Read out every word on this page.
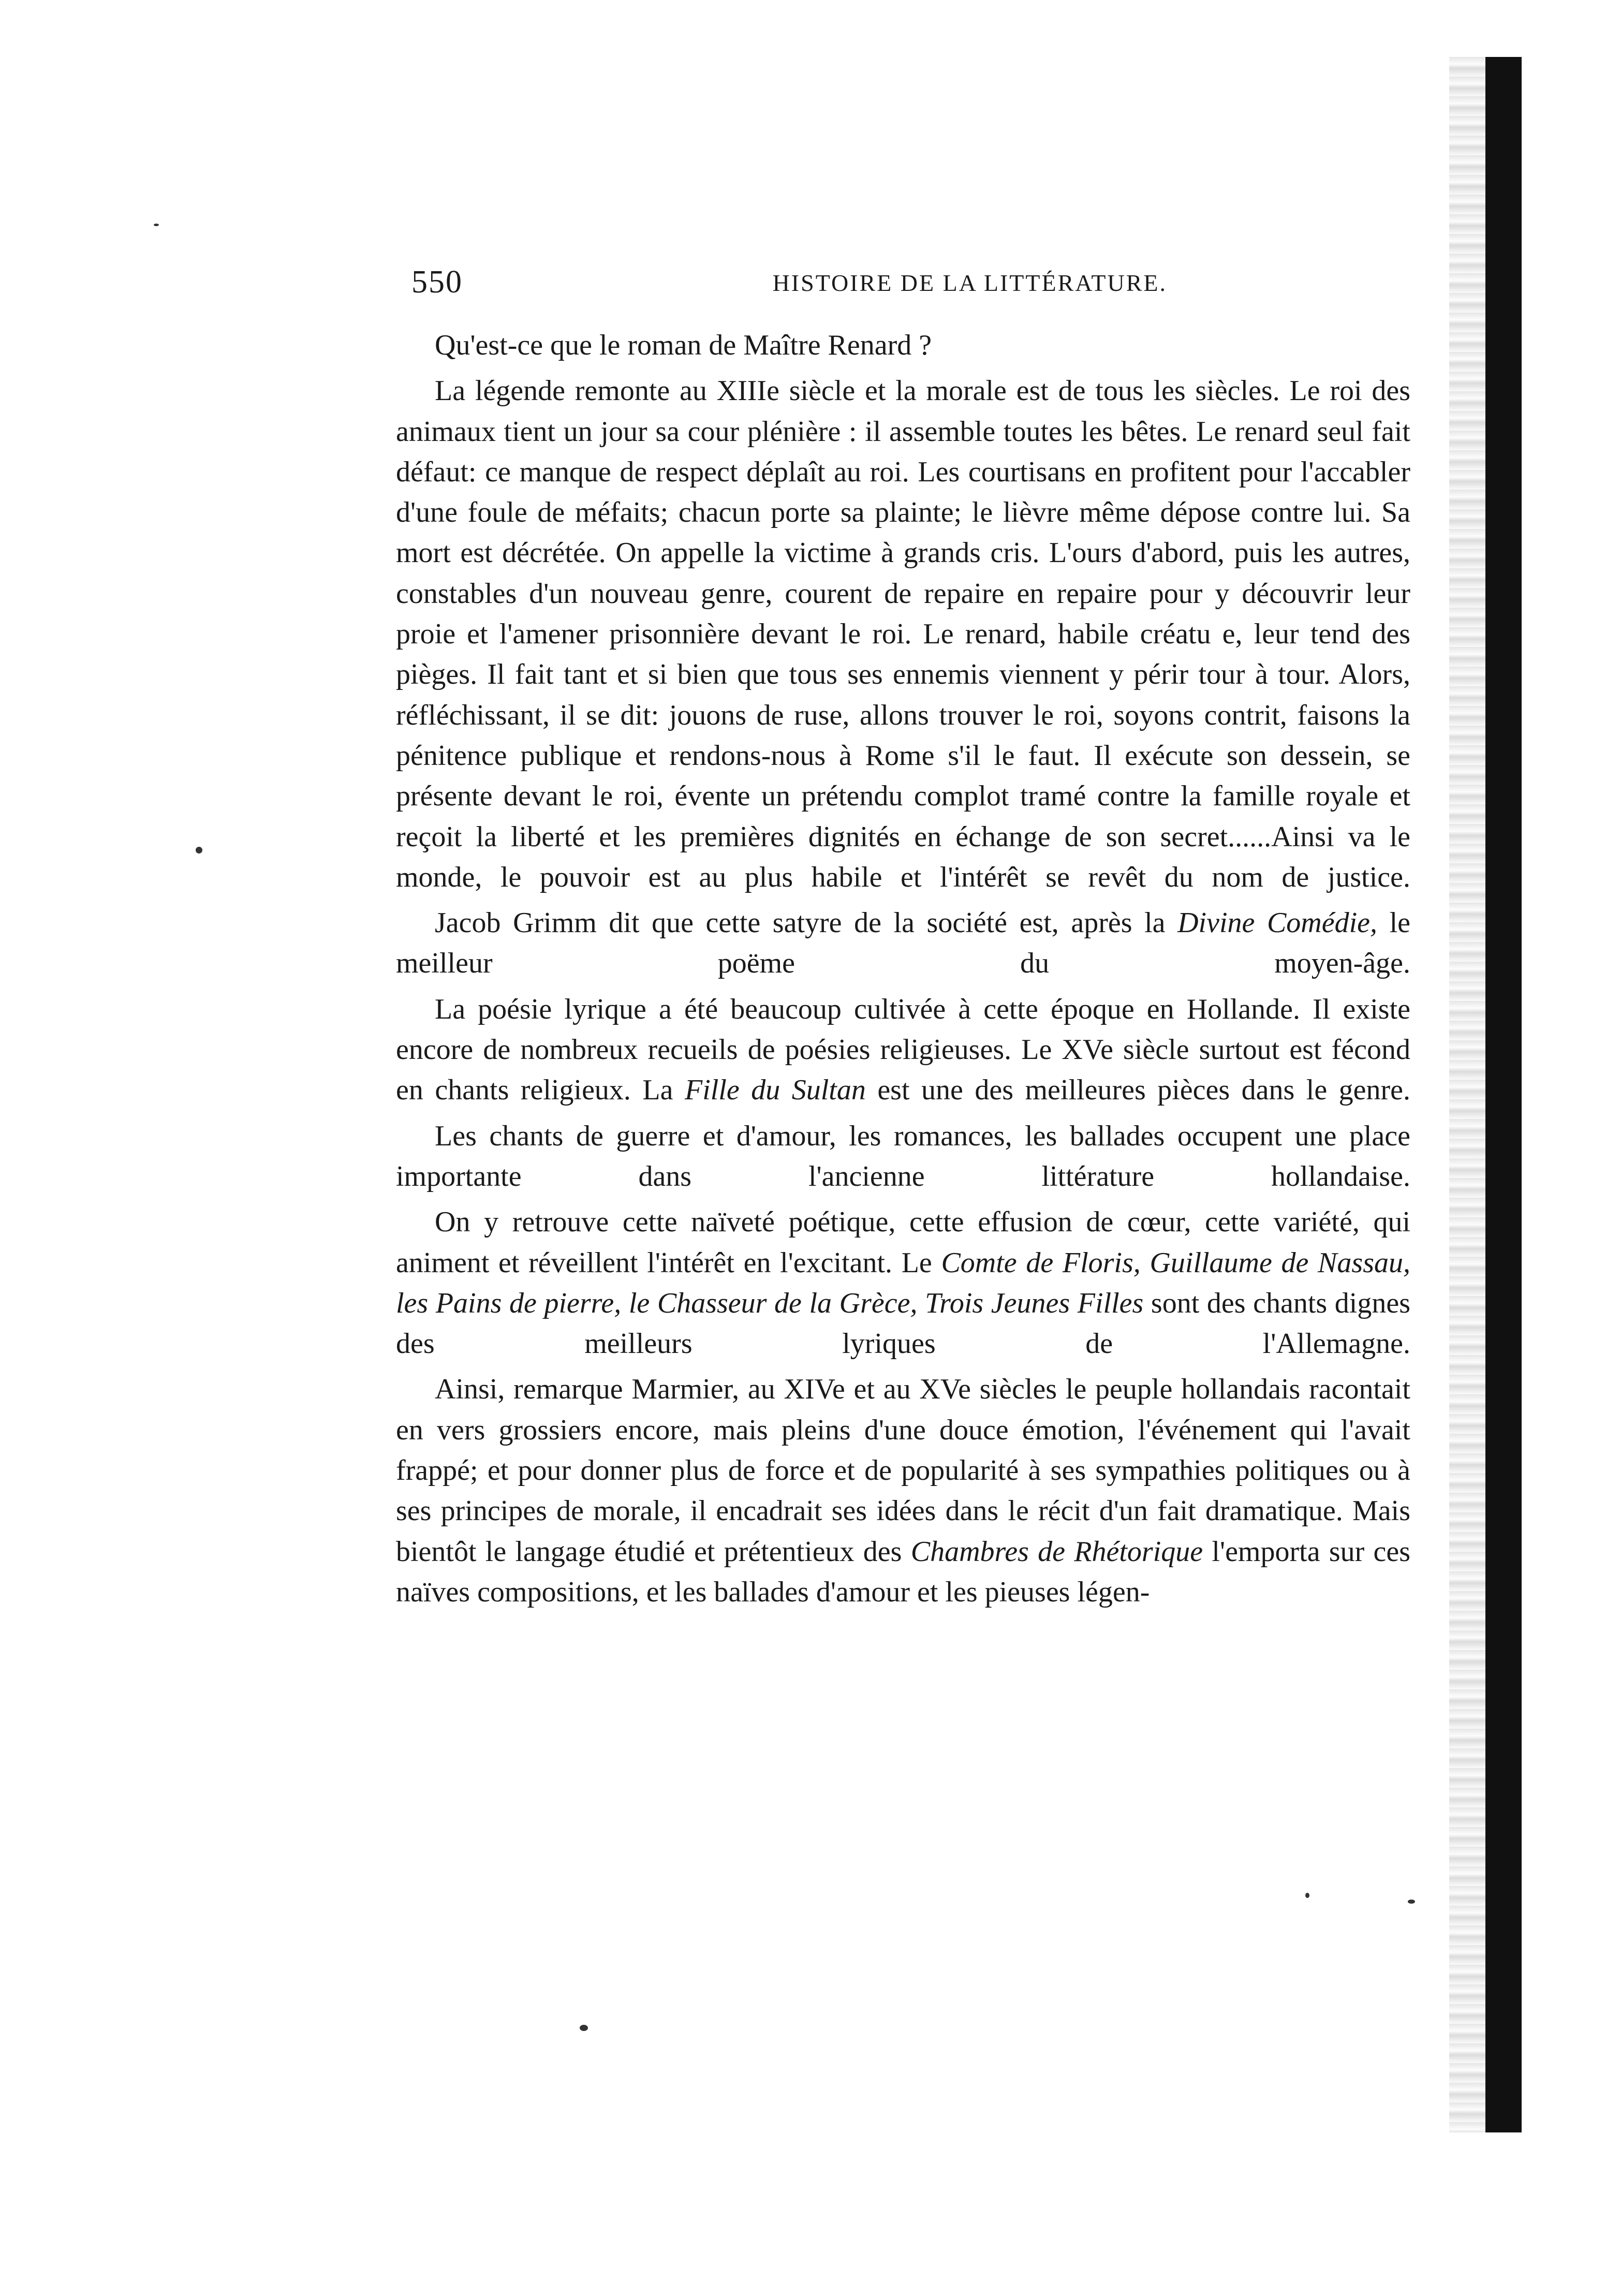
550	HISTOIRE DE LA LITTÉRATURE.

Qu'est-ce que le roman de Maître Renard ?

La légende remonte au XIIIe siècle et la morale est de tous les siècles. Le roi des animaux tient un jour sa cour plénière : il assemble toutes les bêtes. Le renard seul fait défaut: ce manque de respect déplaît au roi. Les courtisans en profitent pour l'accabler d'une foule de méfaits; chacun porte sa plainte; le lièvre même dépose contre lui. Sa mort est décrétée. On appelle la victime à grands cris. L'ours d'abord, puis les autres, constables d'un nouveau genre, courent de repaire en repaire pour y découvrir leur proie et l'amener prisonnière devant le roi. Le renard, habile créatu e, leur tend des pièges. Il fait tant et si bien que tous ses ennemis viennent y périr tour à tour. Alors, réfléchissant, il se dit: jouons de ruse, allons trouver le roi, soyons contrit, faisons la pénitence publique et rendons-nous à Rome s'il le faut. Il exécute son dessein, se présente devant le roi, évente un prétendu complot tramé contre la famille royale et reçoit la liberté et les premières dignités en échange de son secret......Ainsi va le monde, le pouvoir est au plus habile et l'intérêt se revêt du nom de justice.

Jacob Grimm dit que cette satyre de la société est, après la Divine Comédie, le meilleur poëme du moyen-âge.

La poésie lyrique a été beaucoup cultivée à cette époque en Hollande. Il existe encore de nombreux recueils de poésies religieuses. Le XVe siècle surtout est fécond en chants religieux. La Fille du Sultan est une des meilleures pièces dans le genre.

Les chants de guerre et d'amour, les romances, les ballades occupent une place importante dans l'ancienne littérature hollandaise.

On y retrouve cette naïveté poétique, cette effusion de cœur, cette variété, qui animent et réveillent l'intérêt en l'excitant. Le Comte de Floris, Guillaume de Nassau, les Pains de pierre, le Chasseur de la Grèce, Trois Jeunes Filles sont des chants dignes des meilleurs lyriques de l'Allemagne.

Ainsi, remarque Marmier, au XIVe et au XVe siècles le peuple hollandais racontait en vers grossiers encore, mais pleins d'une douce émotion, l'événement qui l'avait frappé; et pour donner plus de force et de popularité à ses sympathies politiques ou à ses principes de morale, il encadrait ses idées dans le récit d'un fait dramatique. Mais bientôt le langage étudié et prétentieux des Chambres de Rhétorique l'emporta sur ces naïves compositions, et les ballades d'amour et les pieuses légen-
